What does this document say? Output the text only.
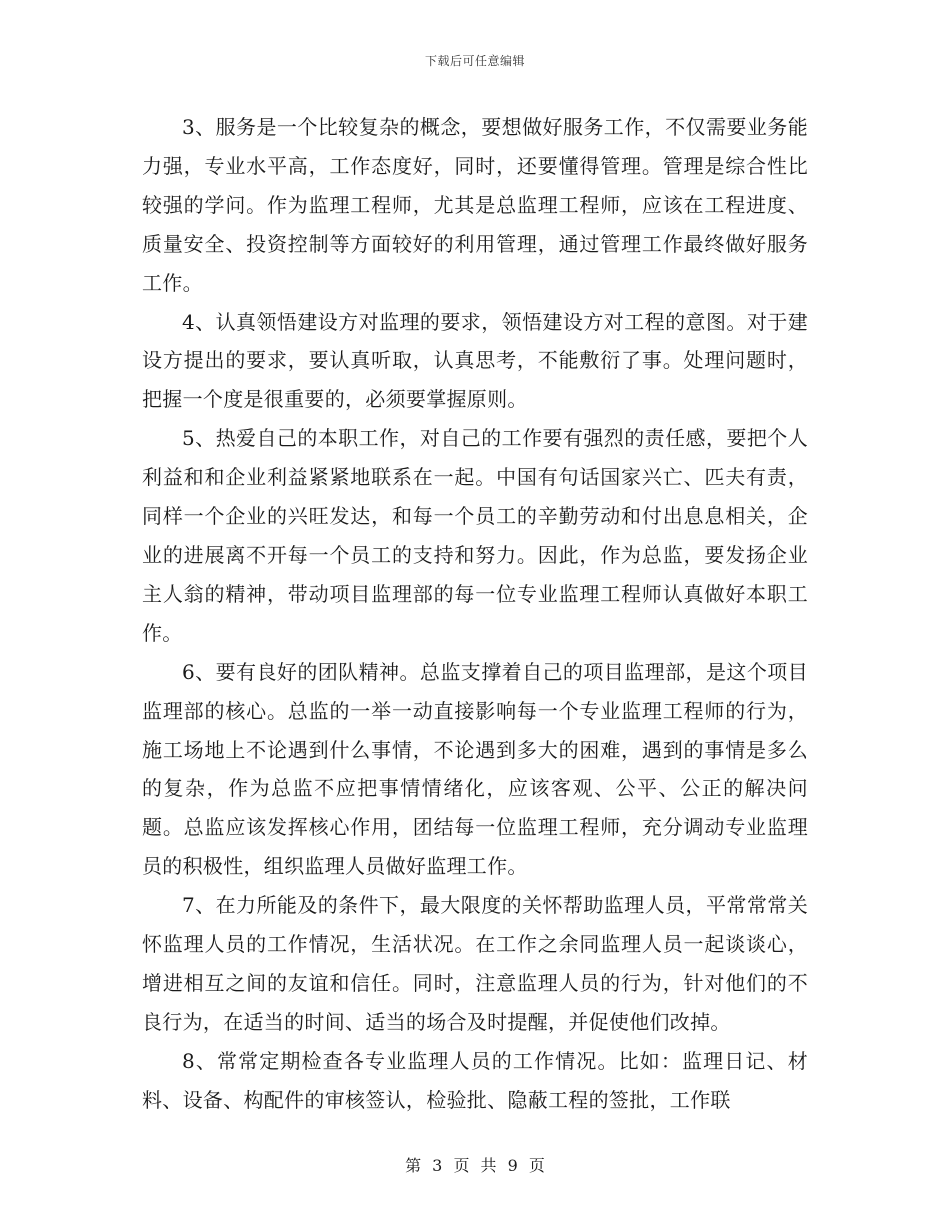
下载后可任意编辑

3、服务是一个比较复杂的概念，要想做好服务工作，不仅需要业务能力强，专业水平高，工作态度好，同时，还要懂得管理。管理是综合性比较强的学问。作为监理工程师，尤其是总监理工程师，应该在工程进度、质量安全、投资控制等方面较好的利用管理，通过管理工作最终做好服务工作。

4、认真领悟建设方对监理的要求，领悟建设方对工程的意图。对于建设方提出的要求，要认真听取，认真思考，不能敷衍了事。处理问题时，把握一个度是很重要的，必须要掌握原则。

5、热爱自己的本职工作，对自己的工作要有强烈的责任感，要把个人利益和和企业利益紧紧地联系在一起。中国有句话国家兴亡、匹夫有责，同样一个企业的兴旺发达，和每一个员工的辛勤劳动和付出息息相关，企业的进展离不开每一个员工的支持和努力。因此，作为总监，要发扬企业主人翁的精神，带动项目监理部的每一位专业监理工程师认真做好本职工作。

6、要有良好的团队精神。总监支撑着自己的项目监理部，是这个项目监理部的核心。总监的一举一动直接影响每一个专业监理工程师的行为，施工场地上不论遇到什么事情，不论遇到多大的困难，遇到的事情是多么的复杂，作为总监不应把事情情绪化，应该客观、公平、公正的解决问题。总监应该发挥核心作用，团结每一位监理工程师，充分调动专业监理员的积极性，组织监理人员做好监理工作。

7、在力所能及的条件下，最大限度的关怀帮助监理人员，平常常常关怀监理人员的工作情况，生活状况。在工作之余同监理人员一起谈谈心，增进相互之间的友谊和信任。同时，注意监理人员的行为，针对他们的不良行为，在适当的时间、适当的场合及时提醒，并促使他们改掉。

8、常常定期检查各专业监理人员的工作情况。比如：监理日记、材料、设备、构配件的审核签认，检验批、隐蔽工程的签批，工作联

第 3 页 共 9 页
